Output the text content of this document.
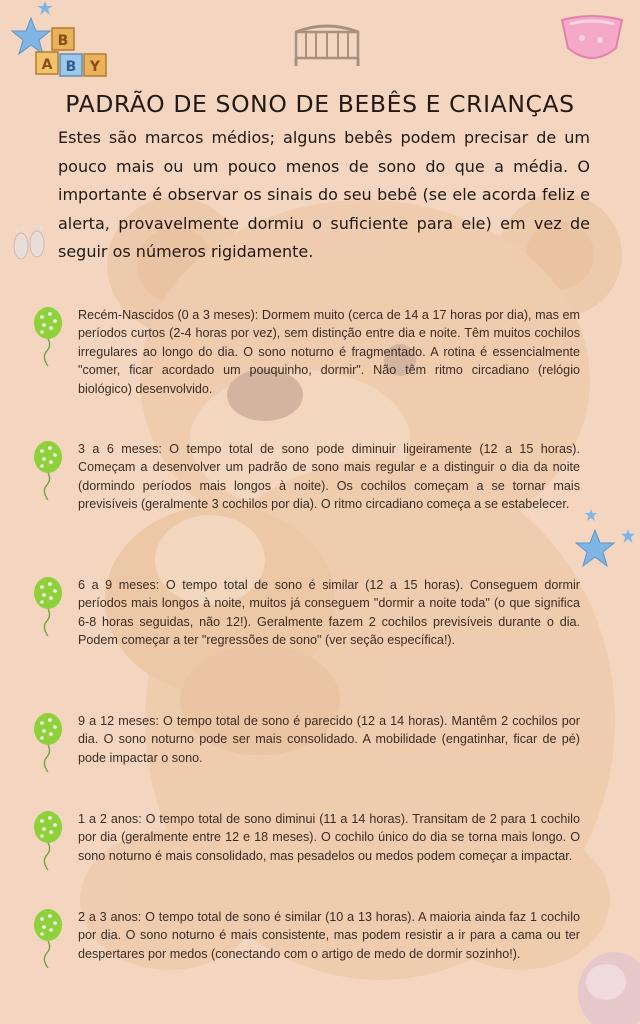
B
A B Y
PADRÃO DE SONO DE BEBÊS E CRIANÇAS
Estes são marcos médios; alguns bebês podem precisar de um pouco mais ou um pouco menos de sono do que a média. O importante é observar os sinais do seu bebê (se ele acorda feliz e alerta, provavelmente dormiu o suficiente para ele) em vez de seguir os números rigidamente.
Recém-Nascidos (0 a 3 meses): Dormem muito (cerca de 14 a 17 horas por dia), mas em períodos curtos (2-4 horas por vez), sem distinção entre dia e noite. Têm muitos cochilos irregulares ao longo do dia. O sono noturno é fragmentado. A rotina é essencialmente "comer, ficar acordado um pouquinho, dormir". Não têm ritmo circadiano (relógio biológico) desenvolvido.
3 a 6 meses: O tempo total de sono pode diminuir ligeiramente (12 a 15 horas). Começam a desenvolver um padrão de sono mais regular e a distinguir o dia da noite (dormindo períodos mais longos à noite). Os cochilos começam a se tornar mais previsíveis (geralmente 3 cochilos por dia). O ritmo circadiano começa a se estabelecer.
6 a 9 meses: O tempo total de sono é similar (12 a 15 horas). Conseguem dormir períodos mais longos à noite, muitos já conseguem "dormir a noite toda" (o que significa 6-8 horas seguidas, não 12!). Geralmente fazem 2 cochilos previsíveis durante o dia. Podem começar a ter "regressões de sono" (ver seção específica!).
9 a 12 meses: O tempo total de sono é parecido (12 a 14 horas). Mantêm 2 cochilos por dia. O sono noturno pode ser mais consolidado. A mobilidade (engatinhar, ficar de pé) pode impactar o sono.
1 a 2 anos: O tempo total de sono diminui (11 a 14 horas). Transitam de 2 para 1 cochilo por dia (geralmente entre 12 e 18 meses). O cochilo único do dia se torna mais longo. O sono noturno é mais consolidado, mas pesadelos ou medos podem começar a impactar.
2 a 3 anos: O tempo total de sono é similar (10 a 13 horas). A maioria ainda faz 1 cochilo por dia. O sono noturno é mais consistente, mas podem resistir a ir para a cama ou ter despertares por medos (conectando com o artigo de medo de dormir sozinho!).
